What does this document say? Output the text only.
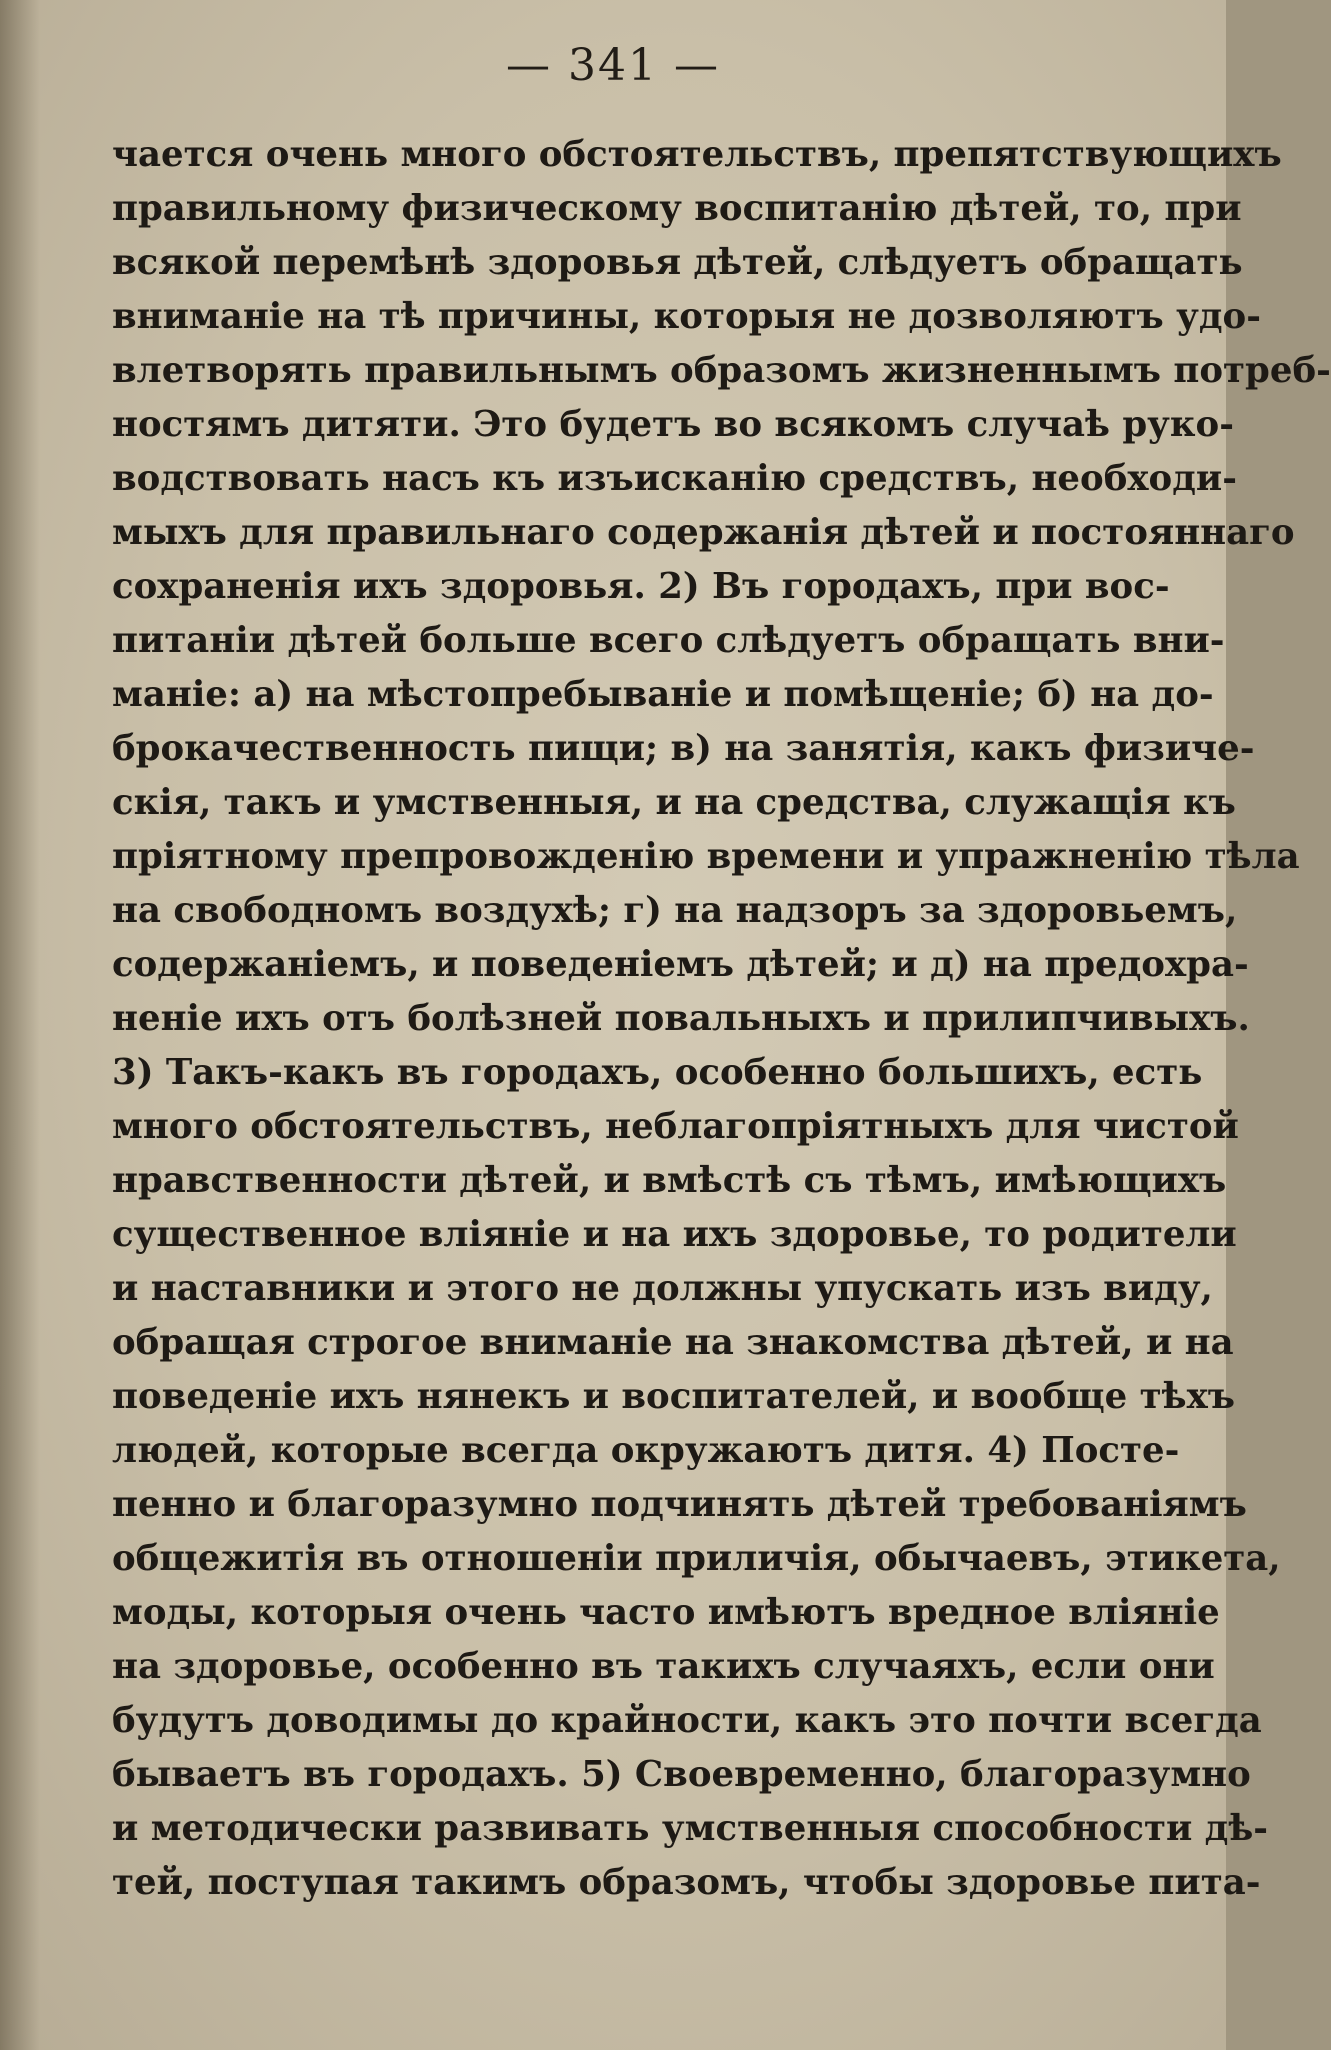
— 341 —
чается очень много обстоятельствъ, препятствующихъ
правильному физическому воспитанію дѣтей, то, при
всякой перемѣнѣ здоровья дѣтей, слѣдуетъ обращать
вниманіе на тѣ причины, которыя не дозволяютъ удо-
влетворять правильнымъ образомъ жизненнымъ потреб-
ностямъ дитяти. Это будетъ во всякомъ случаѣ руко-
водствовать насъ къ изъисканію средствъ, необходи-
мыхъ для правильнаго содержанія дѣтей и постояннаго
сохраненія ихъ здоровья. 2) Въ городахъ, при вос-
питаніи дѣтей больше всего слѣдуетъ обращать вни-
маніе: а) на мѣстопребываніе и помѣщеніе; б) на до-
брокачественность пищи; в) на занятія, какъ физиче-
скія, такъ и умственныя, и на средства, служащія къ
пріятному препровожденію времени и упражненію тѣла
на свободномъ воздухѣ; г) на надзоръ за здоровьемъ,
содержаніемъ, и поведеніемъ дѣтей; и д) на предохра-
неніе ихъ отъ болѣзней повальныхъ и прилипчивыхъ.
3) Такъ-какъ въ городахъ, особенно большихъ, есть
много обстоятельствъ, неблагопріятныхъ для чистой
нравственности дѣтей, и вмѣстѣ съ тѣмъ, имѣющихъ
существенное вліяніе и на ихъ здоровье, то родители
и наставники и этого не должны упускать изъ виду,
обращая строгое вниманіе на знакомства дѣтей, и на
поведеніе ихъ нянекъ и воспитателей, и вообще тѣхъ
людей, которые всегда окружаютъ дитя. 4) Посте-
пенно и благоразумно подчинять дѣтей требованіямъ
общежитія въ отношеніи приличія, обычаевъ, этикета,
моды, которыя очень часто имѣютъ вредное вліяніе
на здоровье, особенно въ такихъ случаяхъ, если они
будутъ доводимы до крайности, какъ это почти всегда
бываетъ въ городахъ. 5) Своевременно, благоразумно
и методически развивать умственныя способности дѣ-
тей, поступая такимъ образомъ, чтобы здоровье пита-
